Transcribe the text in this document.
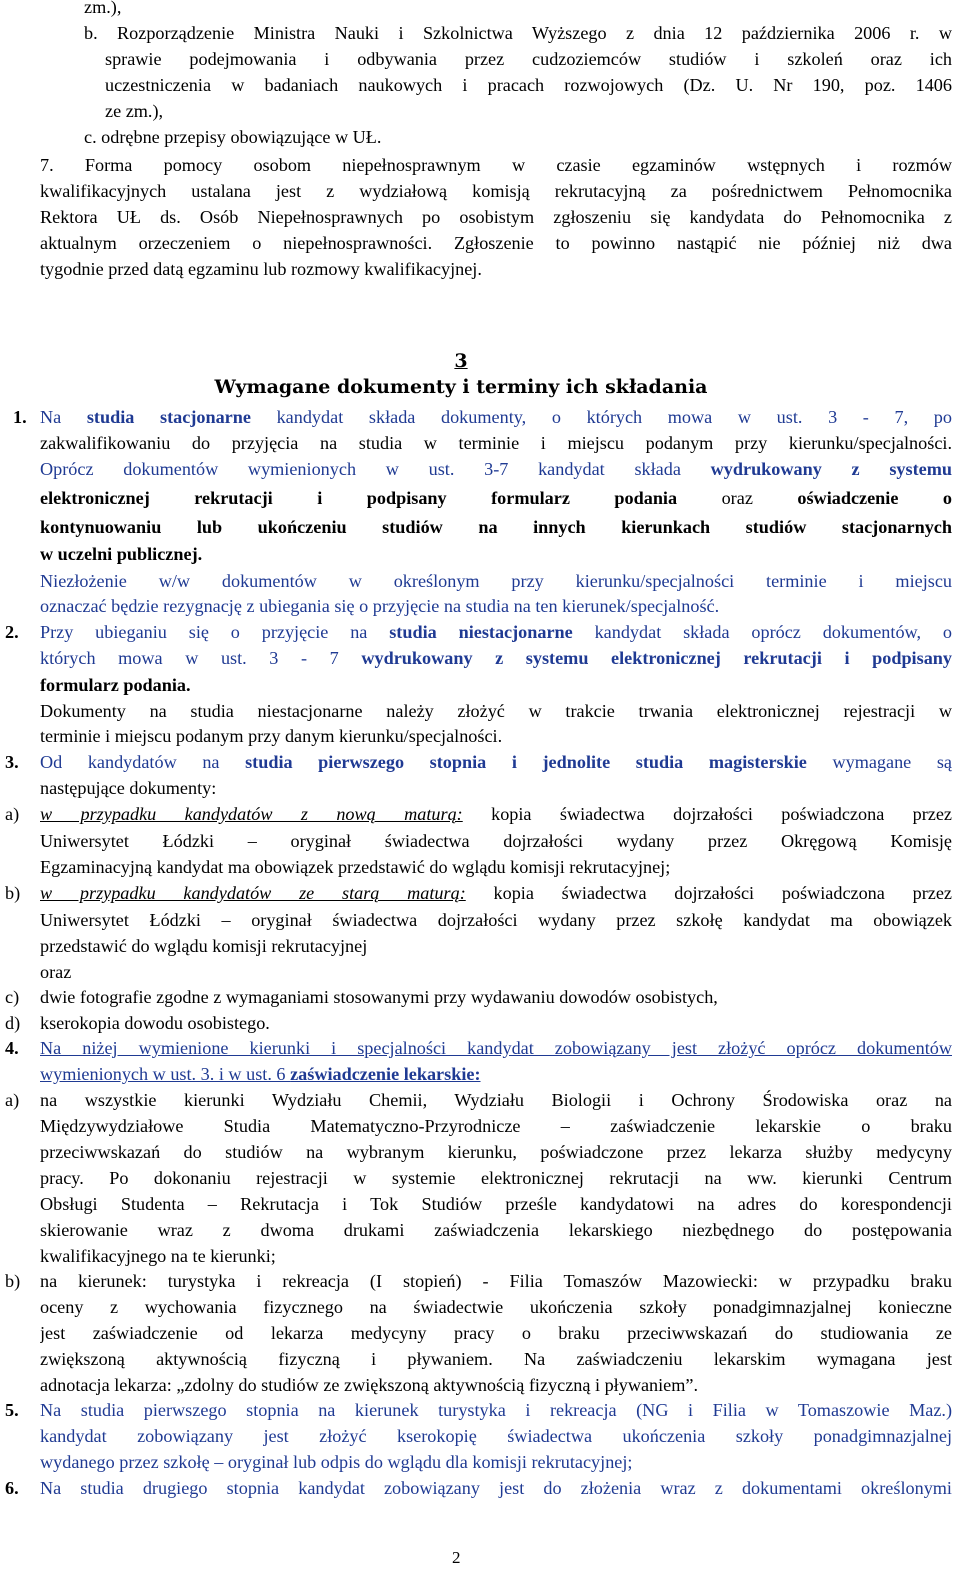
zm.),
b. Rozporządzenie Ministra Nauki i Szkolnictwa Wyższego z dnia 12 października 2006 r. w
sprawie podejmowania i odbywania przez cudzoziemców studiów i szkoleń oraz ich
uczestniczenia w badaniach naukowych i pracach rozwojowych (Dz. U. Nr 190, poz. 1406
ze zm.),
c. odrębne przepisy obowiązujące w UŁ.
7. Forma pomocy osobom niepełnosprawnym w czasie egzaminów wstępnych i rozmów
kwalifikacyjnych ustalana jest z wydziałową komisją rekrutacyjną za pośrednictwem Pełnomocnika
Rektora UŁ ds. Osób Niepełnosprawnych po osobistym zgłoszeniu się kandydata do Pełnomocnika z
aktualnym orzeczeniem o niepełnosprawności. Zgłoszenie to powinno nastąpić nie później niż dwa
tygodnie przed datą egzaminu lub rozmowy kwalifikacyjnej.
3
Wymagane dokumenty i terminy ich składania
1. Na studia stacjonarne kandydat składa dokumenty, o których mowa w ust. 3 - 7, po
zakwalifikowaniu do przyjęcia na studia w terminie i miejscu podanym przy kierunku/specjalności.
Oprócz dokumentów wymienionych w ust. 3-7 kandydat składa wydrukowany z systemu
elektronicznej rekrutacji i podpisany formularz podania oraz oświadczenie o
kontynuowaniu lub ukończeniu studiów na innych kierunkach studiów stacjonarnych
w uczelni publicznej.
Niezłożenie w/w dokumentów w określonym przy kierunku/specjalności terminie i miejscu
oznaczać będzie rezygnację z ubiegania się o przyjęcie na studia na ten kierunek/specjalność.
2. Przy ubieganiu się o przyjęcie na studia niestacjonarne kandydat składa oprócz dokumentów, o
których mowa w ust. 3 - 7 wydrukowany z systemu elektronicznej rekrutacji i podpisany
formularz podania.
Dokumenty na studia niestacjonarne należy złożyć w trakcie trwania elektronicznej rejestracji w
terminie i miejscu podanym przy danym kierunku/specjalności.
3. Od kandydatów na studia pierwszego stopnia i jednolite studia magisterskie wymagane są
następujące dokumenty:
a) w przypadku kandydatów z nową maturą: kopia świadectwa dojrzałości poświadczona przez
Uniwersytet Łódzki – oryginał świadectwa dojrzałości wydany przez Okręgową Komisję
Egzaminacyjną kandydat ma obowiązek przedstawić do wglądu komisji rekrutacyjnej;
b) w przypadku kandydatów ze starą maturą: kopia świadectwa dojrzałości poświadczona przez
Uniwersytet Łódzki – oryginał świadectwa dojrzałości wydany przez szkołę kandydat ma obowiązek
przedstawić do wglądu komisji rekrutacyjnej
oraz
c) dwie fotografie zgodne z wymaganiami stosowanymi przy wydawaniu dowodów osobistych,
d) kserokopia dowodu osobistego.
4. Na niżej wymienione kierunki i specjalności kandydat zobowiązany jest złożyć oprócz dokumentów
wymienionych w ust. 3. i w ust. 6 zaświadczenie lekarskie:
a) na wszystkie kierunki Wydziału Chemii, Wydziału Biologii i Ochrony Środowiska oraz na
Międzywydziałowe Studia Matematyczno-Przyrodnicze – zaświadczenie lekarskie o braku
przeciwwskazań do studiów na wybranym kierunku, poświadczone przez lekarza służby medycyny
pracy. Po dokonaniu rejestracji w systemie elektronicznej rekrutacji na ww. kierunki Centrum
Obsługi Studenta – Rekrutacja i Tok Studiów prześle kandydatowi na adres do korespondencji
skierowanie wraz z dwoma drukami zaświadczenia lekarskiego niezbędnego do postępowania
kwalifikacyjnego na te kierunki;
b) na kierunek: turystyka i rekreacja (I stopień) - Filia Tomaszów Mazowiecki: w przypadku braku
oceny z wychowania fizycznego na świadectwie ukończenia szkoły ponadgimnazjalnej konieczne
jest zaświadczenie od lekarza medycyny pracy o braku przeciwwskazań do studiowania ze
zwiększoną aktywnością fizyczną i pływaniem. Na zaświadczeniu lekarskim wymagana jest
adnotacja lekarza: „zdolny do studiów ze zwiększoną aktywnością fizyczną i pływaniem”.
5. Na studia pierwszego stopnia na kierunek turystyka i rekreacja (NG i Filia w Tomaszowie Maz.)
kandydat zobowiązany jest złożyć kserokopię świadectwa ukończenia szkoły ponadgimnazjalnej
wydanego przez szkołę – oryginał lub odpis do wglądu dla komisji rekrutacyjnej;
6. Na studia drugiego stopnia kandydat zobowiązany jest do złożenia wraz z dokumentami określonymi
2
